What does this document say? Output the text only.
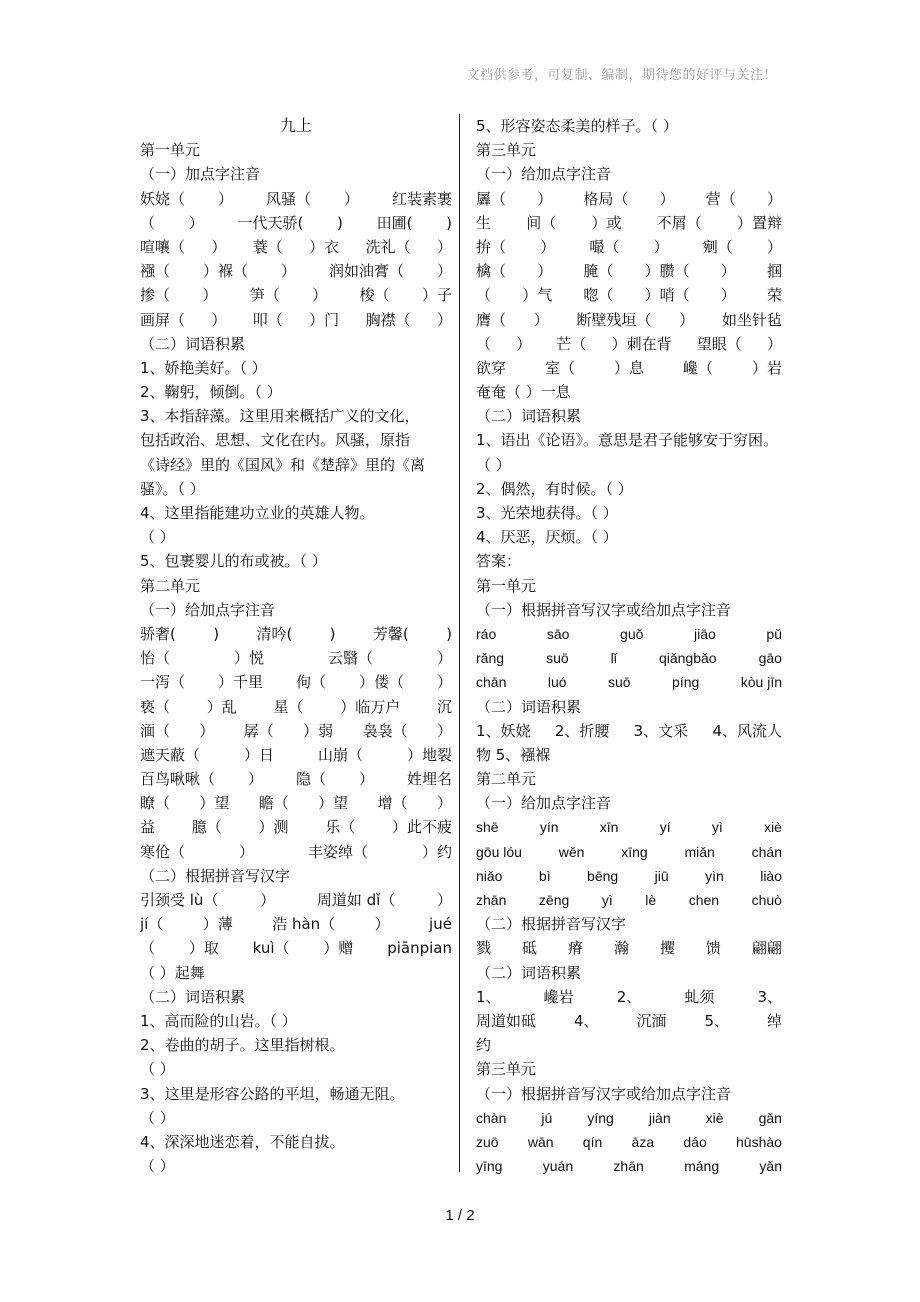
文档供参考，可复制、编制，期待您的好评与关注！
九上
第一单元
（一）加点字注音
妖娆（ ） 风骚（ ） 红装素裹
（ ） 一代天骄( ) 田圃( )
喧嚷（ ） 蓑（ ）衣 洗礼（ ）
襁（ ）褓（ ） 润如油膏（ ）
掺（ ） 笋（ ） 梭（ ）子
画屏（ ） 叩（ ）门 胸襟（ ）
（二）词语积累
1、娇艳美好。（ ）
2、鞠躬，倾倒。（ ）
3、本指辞藻。这里用来概括广义的文化，
包括政治、思想、文化在内。风骚，原指
《诗经》里的《国风》和《楚辞》里的《离
骚》。（ ）
4、这里指能建功立业的英雄人物。
（ ）
5、包裹婴儿的布或被。（ ）
第二单元
（一）给加点字注音
骄奢( ) 清吟( ) 芳馨( )
怡（	）悦	云翳（	）
一泻（ ）千里 佝（ ）偻（ ）
亵（ ）乱 星（ ）临万户 沉
湎（ ） 孱（ ）弱 袅袅（ ）
遮天蔽（	）日	山崩（	）地裂
百鸟啾啾（ ） 隐（ ） 姓埋名
瞭（ ）望 瞻（ ）望 增（ ）
益 臆（ ）测 乐（ ）此不疲
寒伧（	）	丰姿绰（	）约
（二）根据拼音写汉字
引颈受 lù（	）	周道如 dǐ（	）
jí（	）薄	浩 hàn（	）	jué
（ ）取 kuì（ ）赠 piānpian
（ ）起舞
（二）词语积累
1、高而险的山岩。（ ）
2、卷曲的胡子。这里指树根。
（ ）
3、这里是形容公路的平坦，畅通无阻。
（ ）
4、深深地迷恋着，不能自拔。
（ ）
5、形容姿态柔美的样子。（ ）
第三单元
（一）给加点字注音
羼（ ） 格局（ ） 营（ ）
生 间（ ）或 不屑（ ）置辩
拚（ ） 嘬（ ） 剜（ ）
檎（ ） 腌（ ）臜（ ） 掴
（ ）气 唿（ ）哨（ ） 荣
膺（ ） 断壁残垣（ ） 如坐针毡
（ ） 芒（ ）刺在背 望眼（ ）
欲穿	室（	）息	巉（	）岩
奄奄（ ）一息
（二）词语积累
1、语出《论语》。意思是君子能够安于穷困。
（ ）
2、偶然，有时候。（ ）
3、光荣地获得。（ ）
4、厌恶，厌烦。（ ）
答案：
第一单元
（一）根据拼音写汉字或给加点字注音
ráo	sāo	guǒ	jiāo	pǔ
rǎng	suō	lǐ	qiǎngbǎo	gāo
chān	luó	suō	píng	kòu jīn
（二）词语积累
1、妖娆 2、折腰 3、文采 4、风流人
物 5、襁褓
第二单元
（一）给加点字注音
shē	yín	xīn	yí	yì	xiè
gōu lóu	wěn	xīng	miǎn	chán
niǎo	bì	bēng	jiū	yìn	liào
zhān zēng yì lè chen chuò
（二）根据拼音写汉字
戮 砥 瘠 瀚 攫 馈 翩翩
（二）词语积累
1、	巉岩	2、	虬须	3、
周道如砥	4、	沉湎	5、	绰
约
第三单元
（一）根据拼音写汉字或给加点字注音
chàn	jú	yíng	jiàn	xiè	gǎn
zuō wān qín āza dáo hūshào
yīng	yuán	zhān	máng	yǎn
1 / 2
